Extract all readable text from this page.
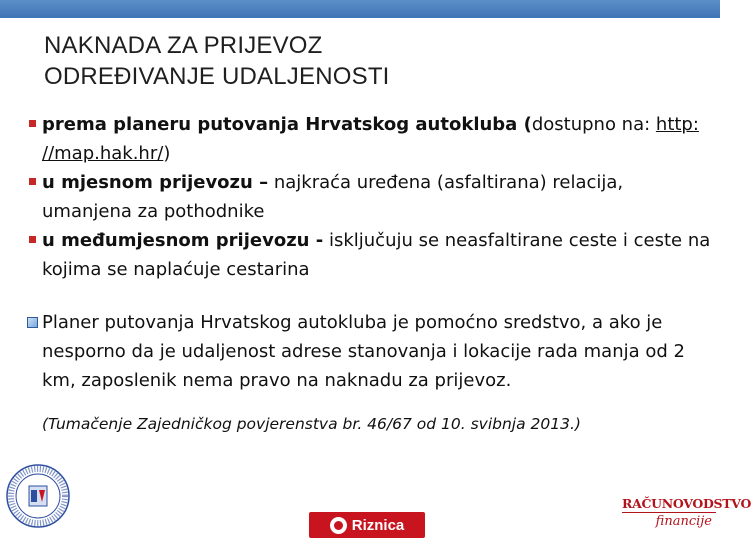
NAKNADA ZA PRIJEVOZ
ODREĐIVANJE UDALJENOSTI

prema planeru putovanja Hrvatskog autokluba (dostupno na: http: //map.hak.hr/)

u mjesnom prijevozu – najkraća uređena (asfaltirana) relacija, umanjena za pothodnike

u međumjesnom prijevozu - isključuju se neasfaltirane ceste i ceste na kojima se naplaćuje cestarina

Planer putovanja Hrvatskog autokluba je pomoćno sredstvo, a ako je nesporno da je udaljenost adrese stanovanja i lokacije rada manja od 2 km, zaposlenik nema pravo na naknadu za prijevoz.

(Tumačenje Zajedničkog povjerenstva br. 46/67 od 10. svibnja 2013.)

Riznica
RAČUNOVODSTVO
financije
